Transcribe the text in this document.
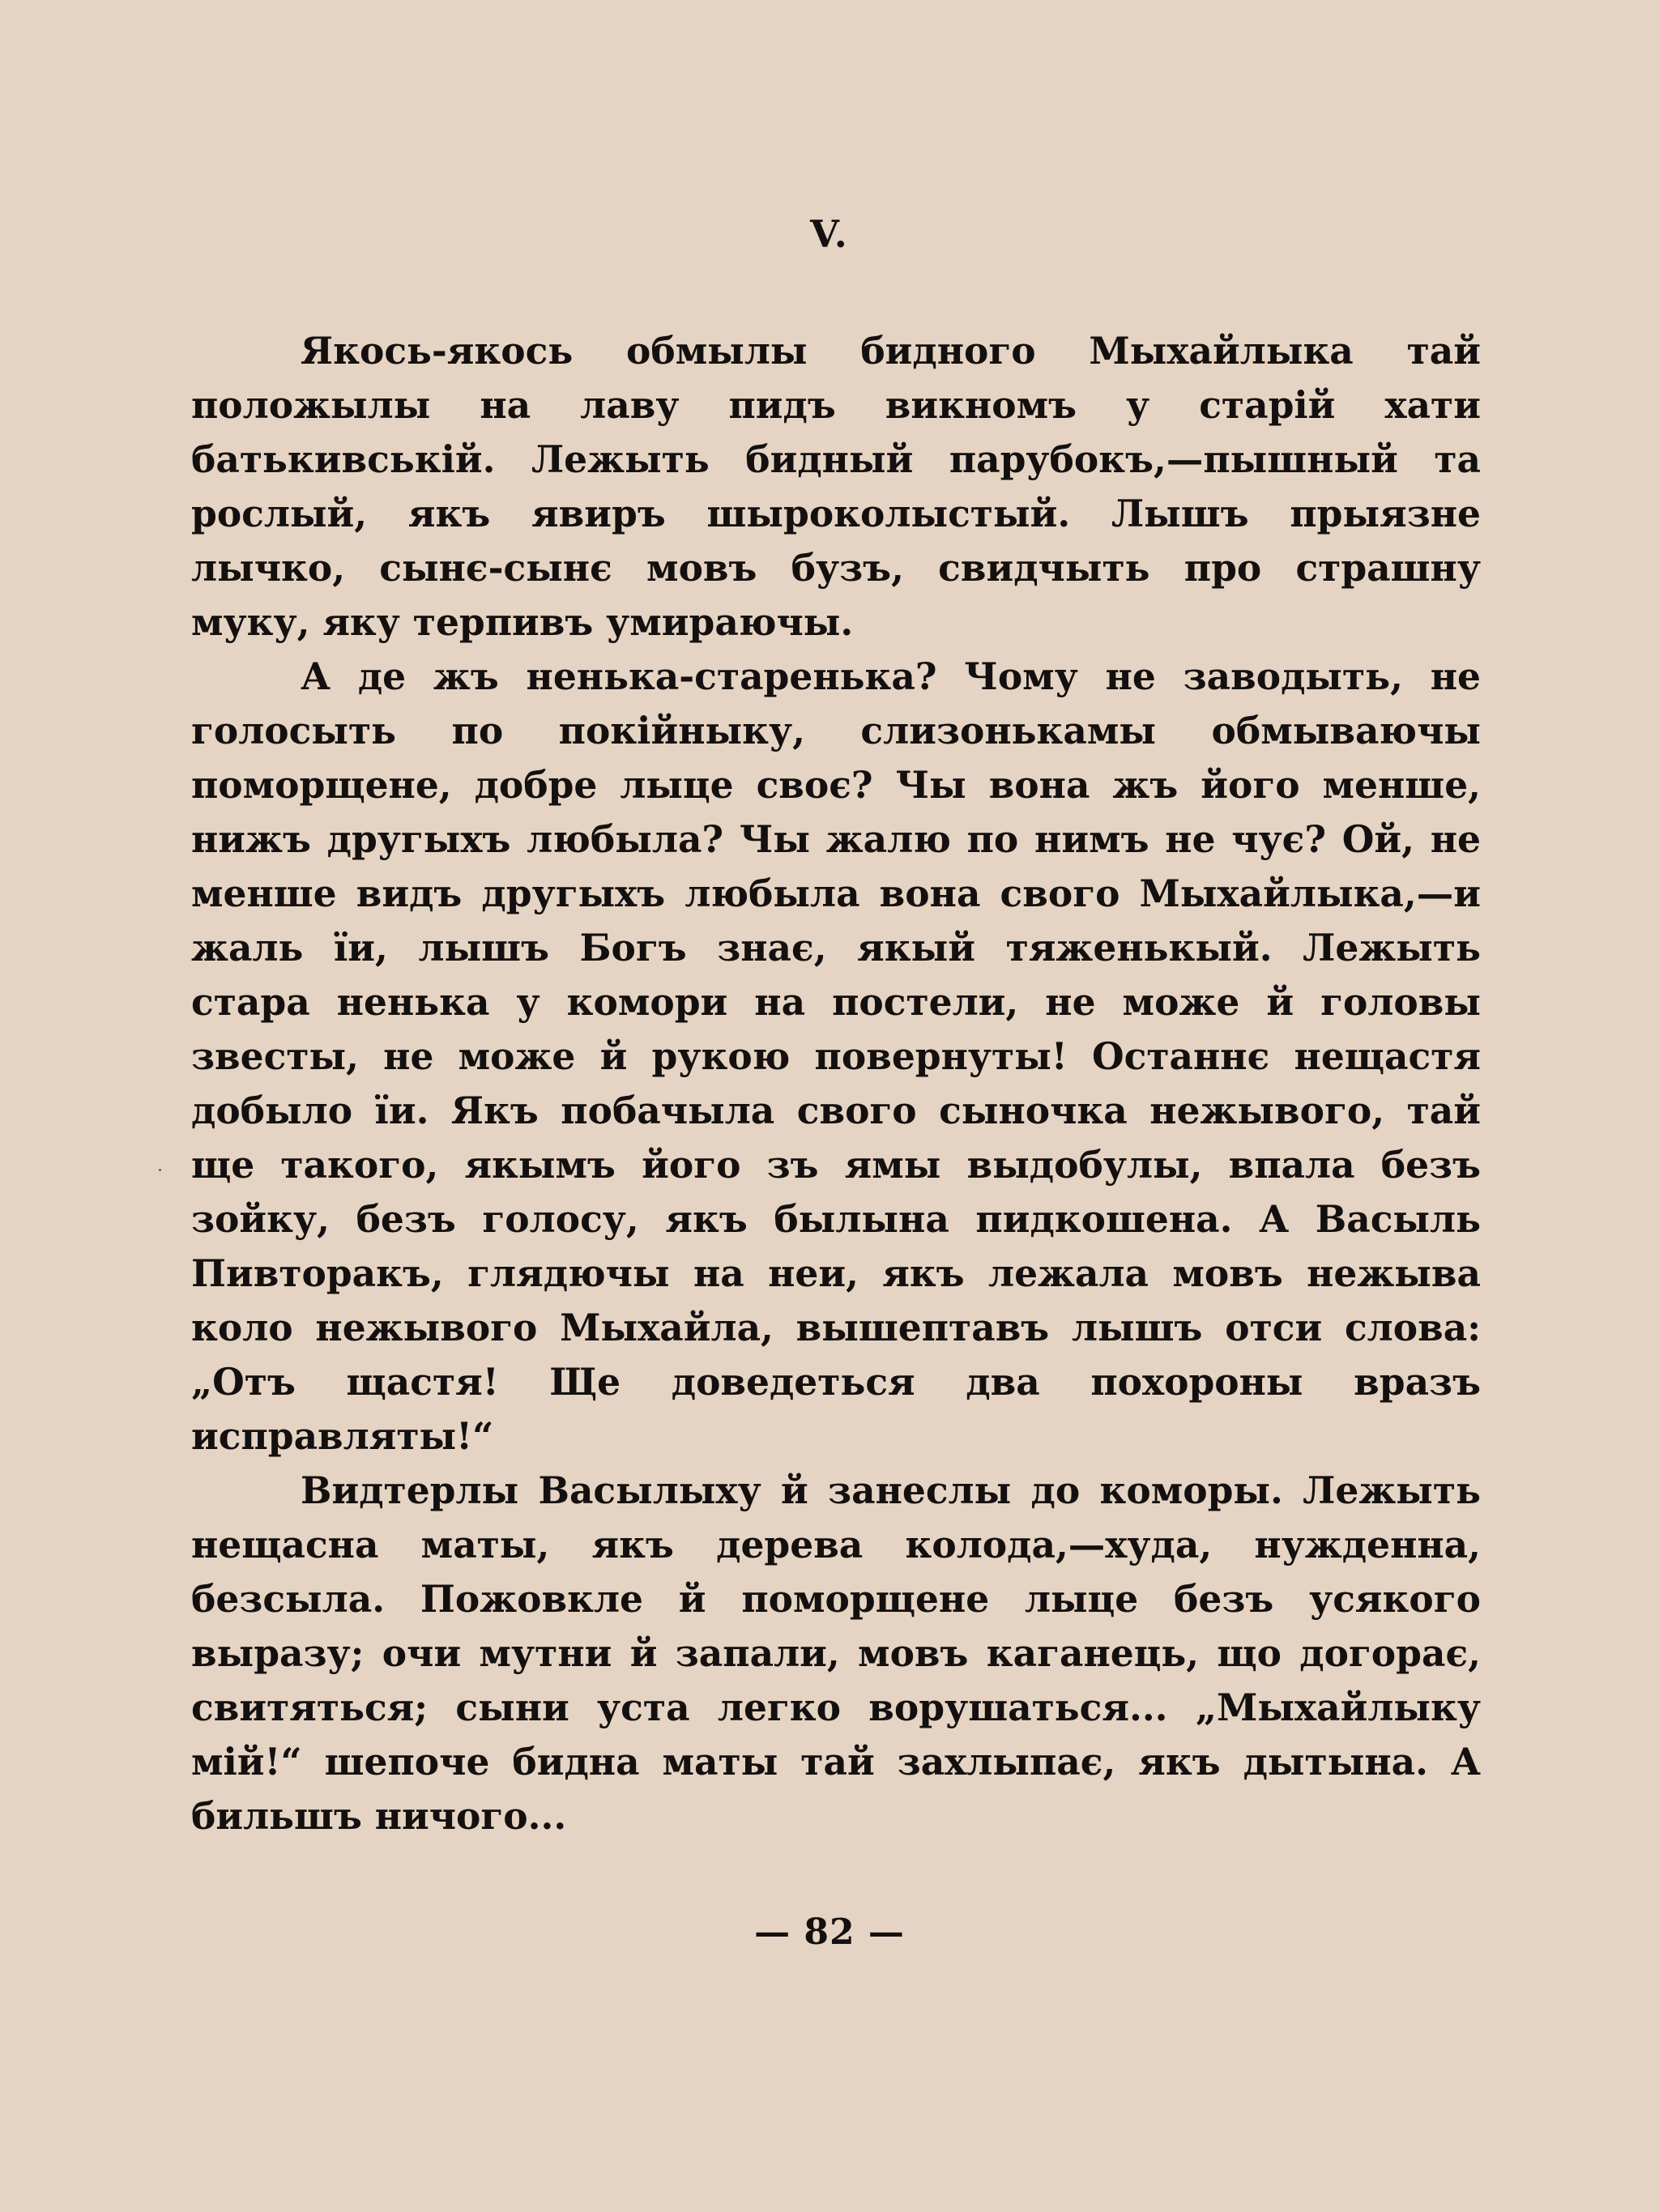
V.

Якось-якось обмылы бидного Мыхайлыка тай положылы на лаву пидъ викномъ у старій хати батькивській. Лежыть бидный парубокъ,—пышный та рослый, якъ явиръ шыроколыстый. Лышъ прыязне лычко, сынє-сынє мовъ бузъ, свидчыть про страшну муку, яку терпивъ умираючы.

А де жъ ненька-старенька? Чому не заводыть, не голосыть по покійныку, слизонькамы обмываючы поморщене, добре лыце своє? Чы вона жъ його менше, нижъ другыхъ любыла? Чы жалю по нимъ не чує? Ой, не менше видъ другыхъ любыла вона свого Мыхайлыка,—и жаль їи, лышъ Богъ знає, якый тяженькый. Лежыть стара ненька у комори на постели, не може й головы звесты, не може й рукою повернуты! Останнє нещастя добыло їи. Якъ побачыла свого сыночка нежывого, тай ще такого, якымъ його зъ ямы выдобулы, впала безъ зойку, безъ голосу, якъ былына пидкошена. А Васыль Пивторакъ, глядючы на неи, якъ лежала мовъ нежыва коло нежывого Мыхайла, вышептавъ лышъ отси слова: „Отъ щастя! Ще доведеться два похороны вразъ исправляты!“

Видтерлы Васылыху й занеслы до коморы. Лежыть нещасна маты, якъ дерева колода,—худа, нужденна, безсыла. Пожовкле й поморщене лыце безъ усякого выразу; очи мутни й запали, мовъ каганець, що догорає, свитяться; сыни уста легко ворушаться... „Мыхайлыку мій!“ шепоче бидна маты тай захлыпає, якъ дытына. А бильшъ ничого...

— 82 —
